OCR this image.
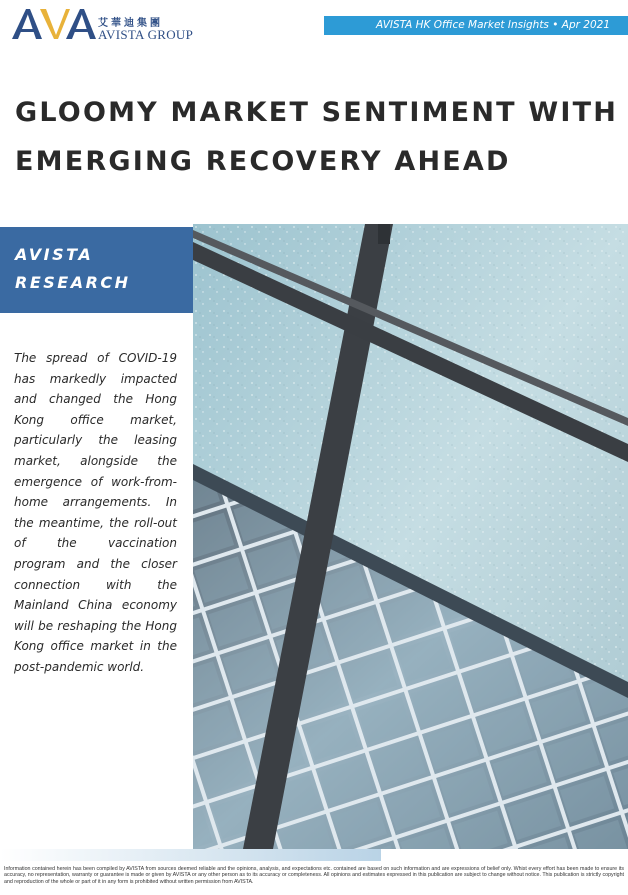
艾華迪集團
AVISTA GROUP
AVISTA HK Office Market Insights • Apr 2021
GLOOMY MARKET SENTIMENT WITH
EMERGING RECOVERY AHEAD
AVISTA
RESEARCH

The spread of COVID-19 has markedly impacted and changed the Hong Kong office market, particularly the leasing market, alongside the emergence of work-from-home arrangements. In the meantime, the roll-out of the vaccination program and the closer connection with the Mainland China economy will be reshaping the Hong Kong office market in the post-pandemic world.

Information contained herein has been compiled by AVISTA from sources deemed reliable and the opinions, analysis, and expectations etc. contained are based on such information and are expressions of belief only. Whist every effort has been made to ensure its accuracy, no representation, warranty or guarantee is made or given by AVISTA or any other person as to its accuracy or completeness. All opinions and estimates expressed in this publication are subject to change without notice. This publication is strictly copyright and reproduction of the whole or part of it in any form is prohibited without written permission from AVISTA.
